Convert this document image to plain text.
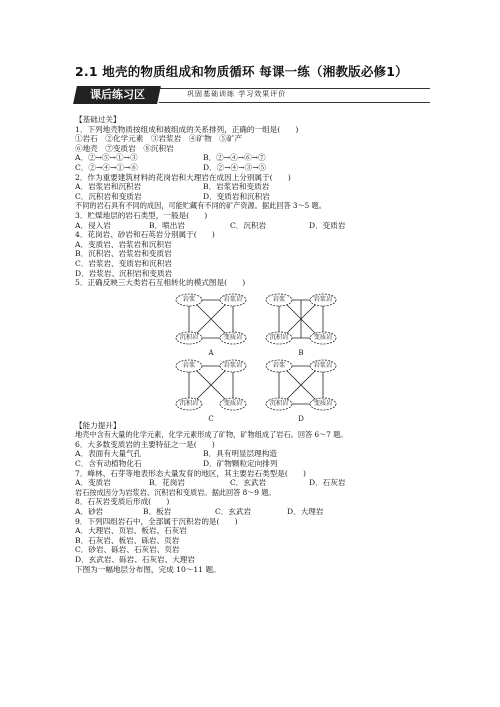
2.1 地壳的物质组成和物质循环 每课一练（湘教版必修1）
课后练习区	巩固基础训练 学习效果评价
【基础过关】
1．下列地壳物质按组成和被组成的关系排列，正确的一组是(　　)
①岩石　②化学元素　③岩浆岩　④矿物　⑤矿产
⑥地壳　⑦变质岩　⑧沉积岩
A．②→⑤→①→③	B．②→④→⑥→⑦
C．②→④→①→⑥	D．②→④→③→⑤
2．作为重要建筑材料的花岗岩和大理岩在成因上分别属于(　　)
A．岩浆岩和沉积岩	B．岩浆岩和变质岩
C．沉积岩和变质岩	D．变质岩和沉积岩
不同的岩石具有不同的成因，可能贮藏有不同的矿产资源。据此回答 3～5 题。
3．贮煤地层的岩石类型，一般是(　　)
A．侵入岩	B．喷出岩	C．沉积岩	D．变质岩
4．花岗岩、砂岩和石英岩分别属于(　　)
A．变质岩、岩浆岩和沉积岩
B．沉积岩、岩浆岩和变质岩
C．岩浆岩、变质岩和沉积岩
D．岩浆岩、沉积岩和变质岩
5．正确反映三大类岩石互相转化的模式图是(　　)
岩浆	岩浆岩
沉积岩	变质岩
A
岩浆	岩浆岩
沉积岩	变质岩
B
岩浆	岩浆岩
沉积岩	变质岩
C
岩浆	岩浆岩
沉积岩	变质岩
D
【能力提升】
地壳中含有大量的化学元素，化学元素形成了矿物，矿物组成了岩石。回答 6～7 题。
6．大多数变质岩的主要特征之一是(　　)
A．表面有大量气孔	B．具有明显层理构造
C．含有动植物化石	D．矿物颗粒定向排列
7．峰林、石芽等地表形态大量发育的地区，其主要岩石类型是(　　)
A．变质岩	B．花岗岩	C．玄武岩	D．石灰岩
岩石按成因分为岩浆岩、沉积岩和变质岩。据此回答 8～9 题。
8．石灰岩变质后形成(　　)
A．砂岩	B．板岩	C．玄武岩	D．大理岩
9．下列四组岩石中，全部属于沉积岩的是(　　)
A．大理岩、页岩、板岩、石灰岩
B．石灰岩、板岩、砾岩、页岩
C．砂岩、砾岩、石灰岩、页岩
D．玄武岩、砾岩、石灰岩、大理岩
下图为一幅地层分布图，完成 10～11 题。
